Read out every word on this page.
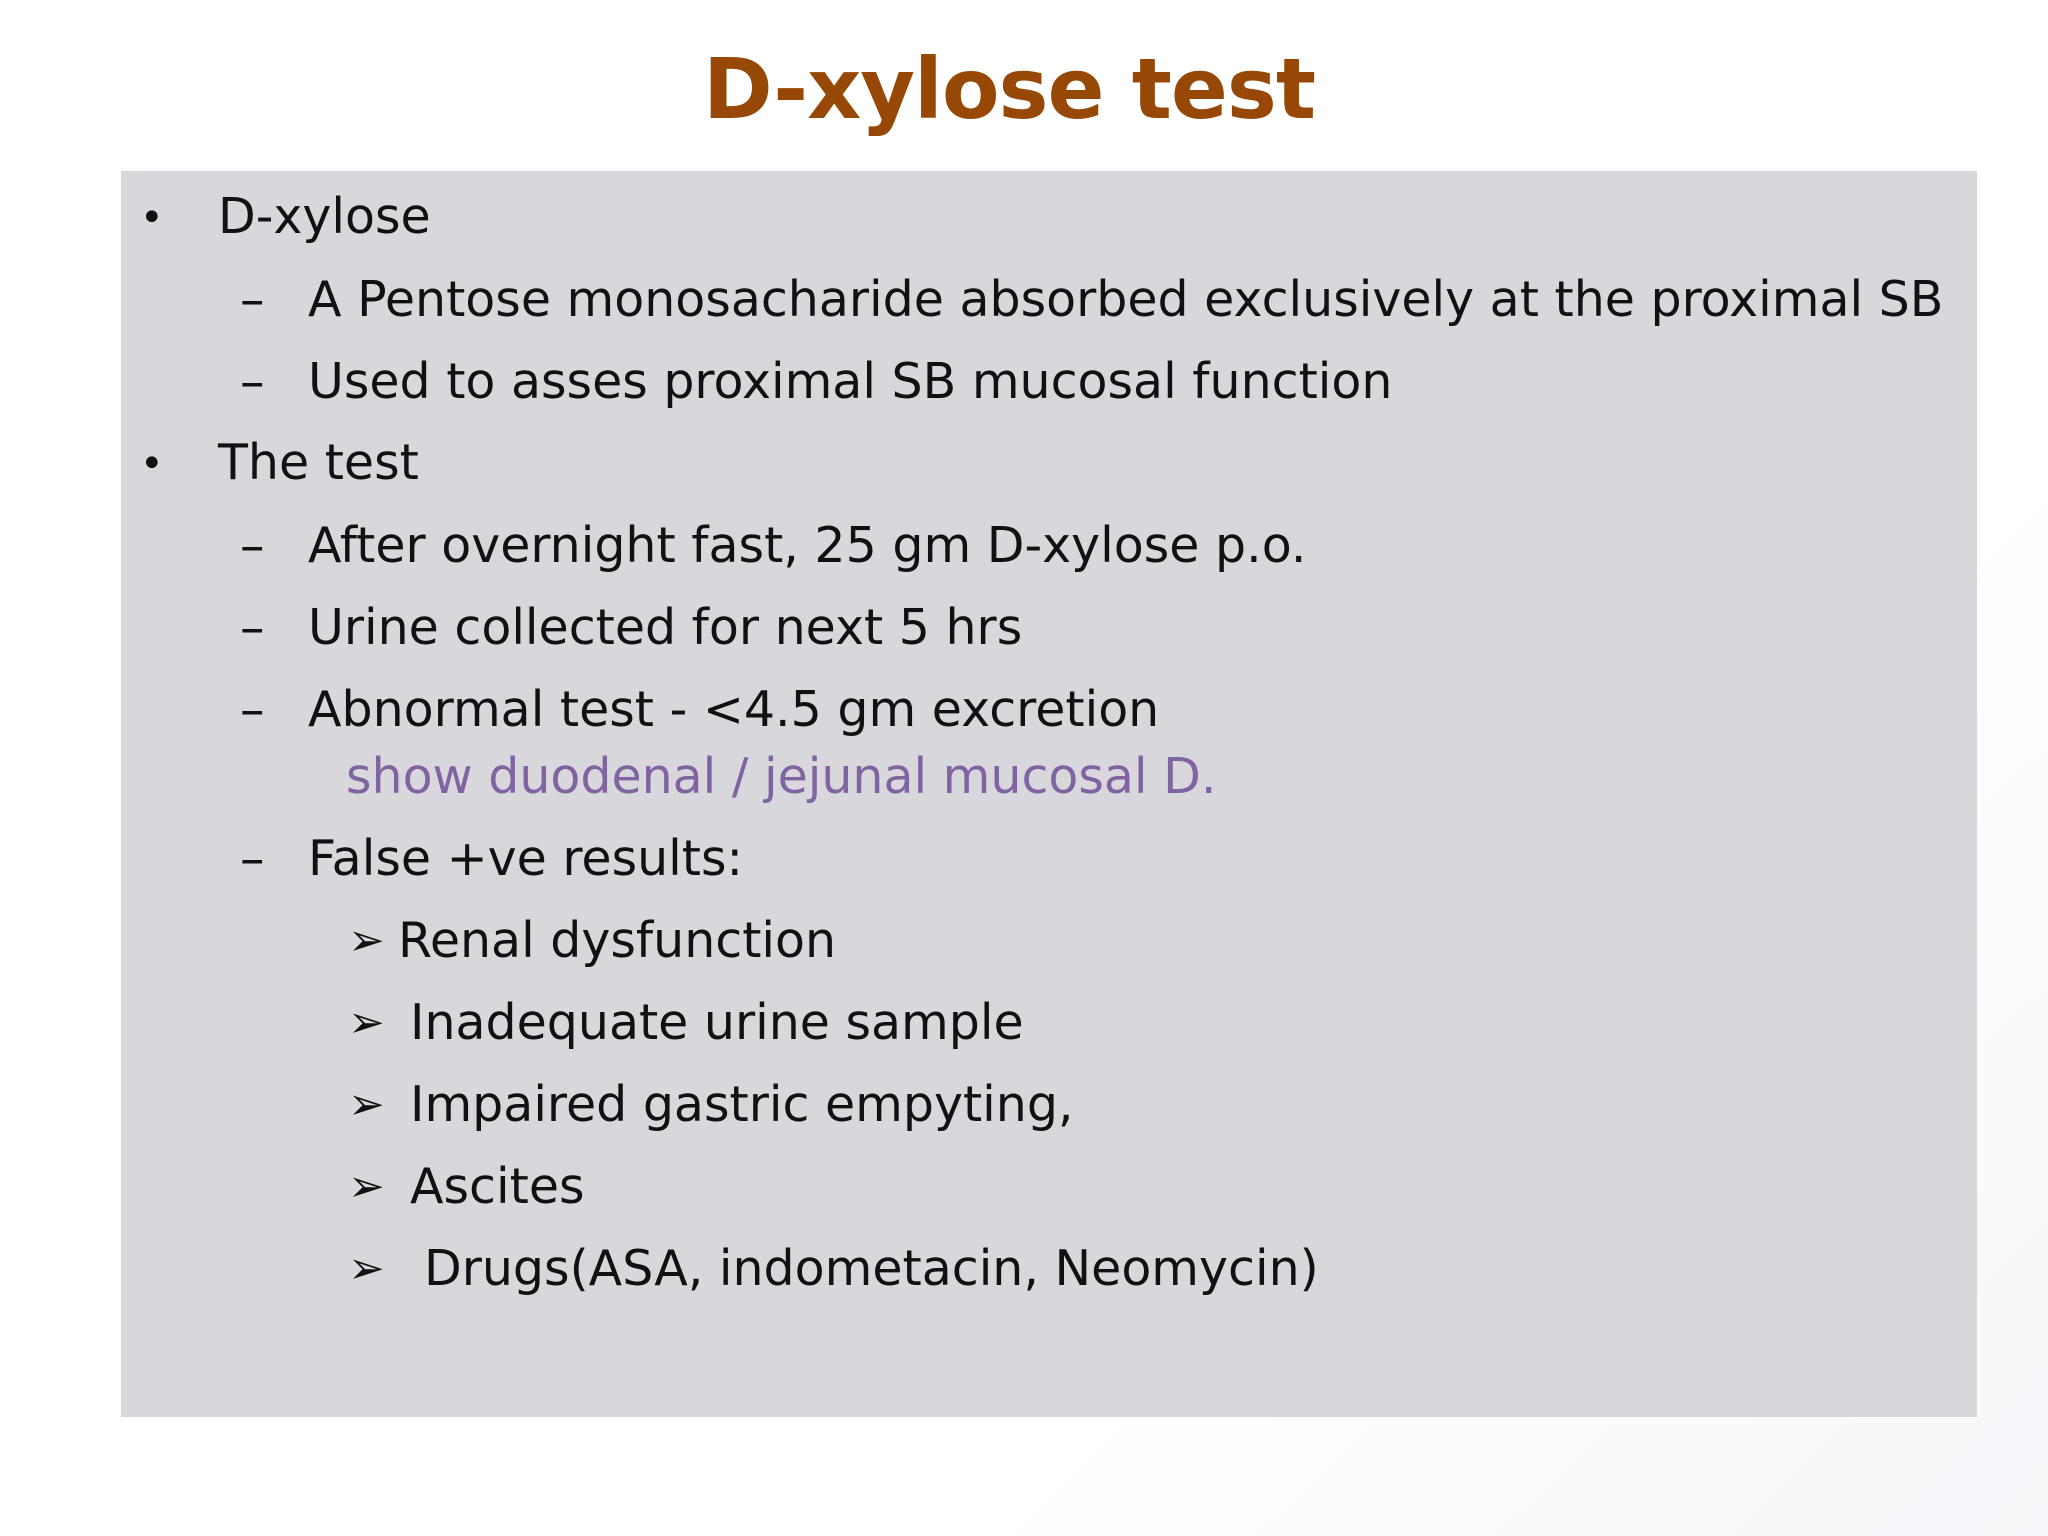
D-xylose test
• D-xylose
– A Pentose monosacharide absorbed exclusively at the proximal SB
– Used to asses proximal SB mucosal function
• The test
– After overnight fast, 25 gm D-xylose p.o.
– Urine collected for next 5 hrs
– Abnormal test - <4.5 gm excretion
show duodenal / jejunal mucosal D.
– False +ve results:
➢ Renal dysfunction
➢ Inadequate urine sample
➢ Impaired gastric empyting,
➢ Ascites
➢ Drugs(ASA, indometacin, Neomycin)
